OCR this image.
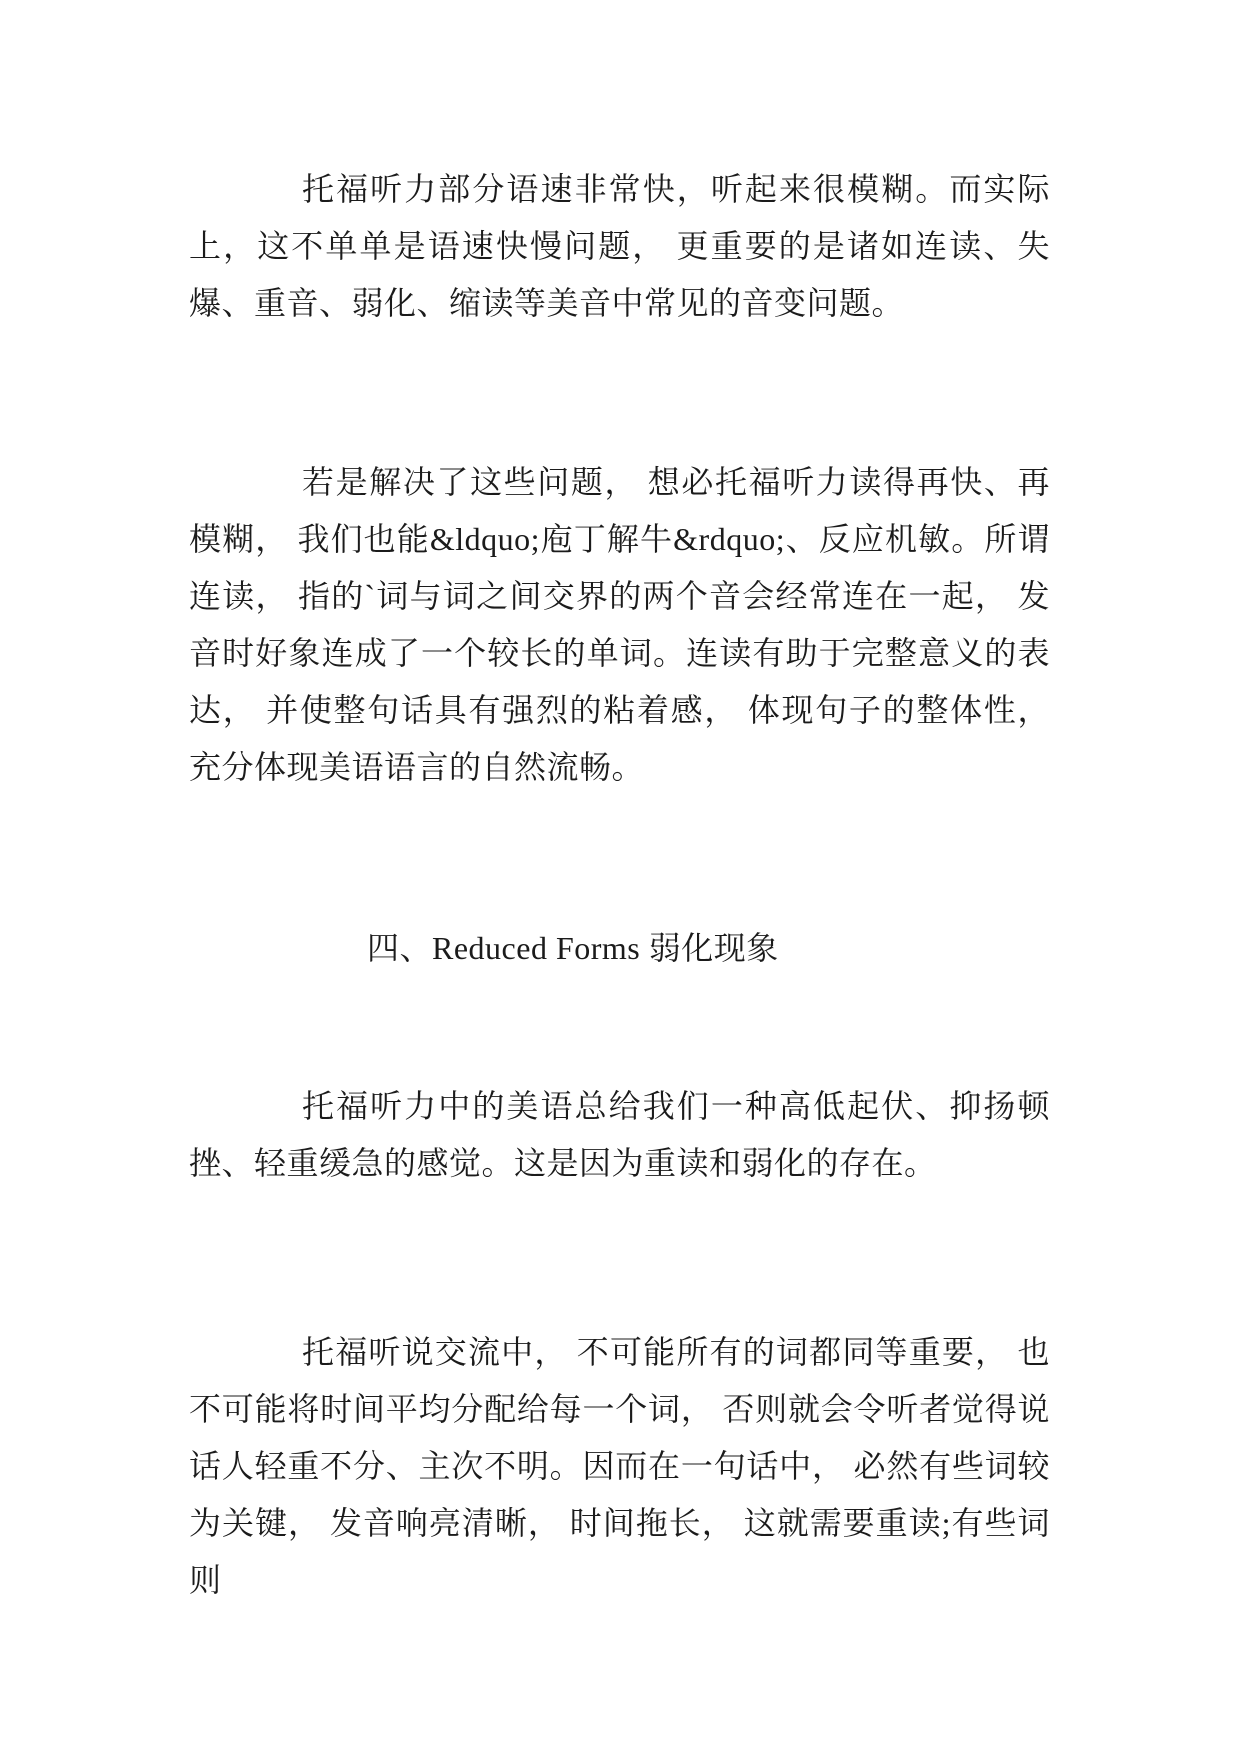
托福听力部分语速非常快，听起来很模糊。而实际上，这不单单是语速快慢问题， 更重要的是诸如连读、失爆、重音、弱化、缩读等美音中常见的音变问题。

若是解决了这些问题， 想必托福听力读得再快、再模糊， 我们也能&ldquo;庖丁解牛&rdquo;、反应机敏。所谓连读， 指的`词与词之间交界的两个音会经常连在一起， 发音时好象连成了一个较长的单词。连读有助于完整意义的表达， 并使整句话具有强烈的粘着感， 体现句子的整体性， 充分体现美语语言的自然流畅。

　　四、Reduced Forms 弱化现象

托福听力中的美语总给我们一种高低起伏、抑扬顿挫、轻重缓急的感觉。这是因为重读和弱化的存在。

托福听说交流中， 不可能所有的词都同等重要， 也不可能将时间平均分配给每一个词， 否则就会令听者觉得说话人轻重不分、主次不明。因而在一句话中， 必然有些词较为关键， 发音响亮清晰， 时间拖长， 这就需要重读;有些词则
